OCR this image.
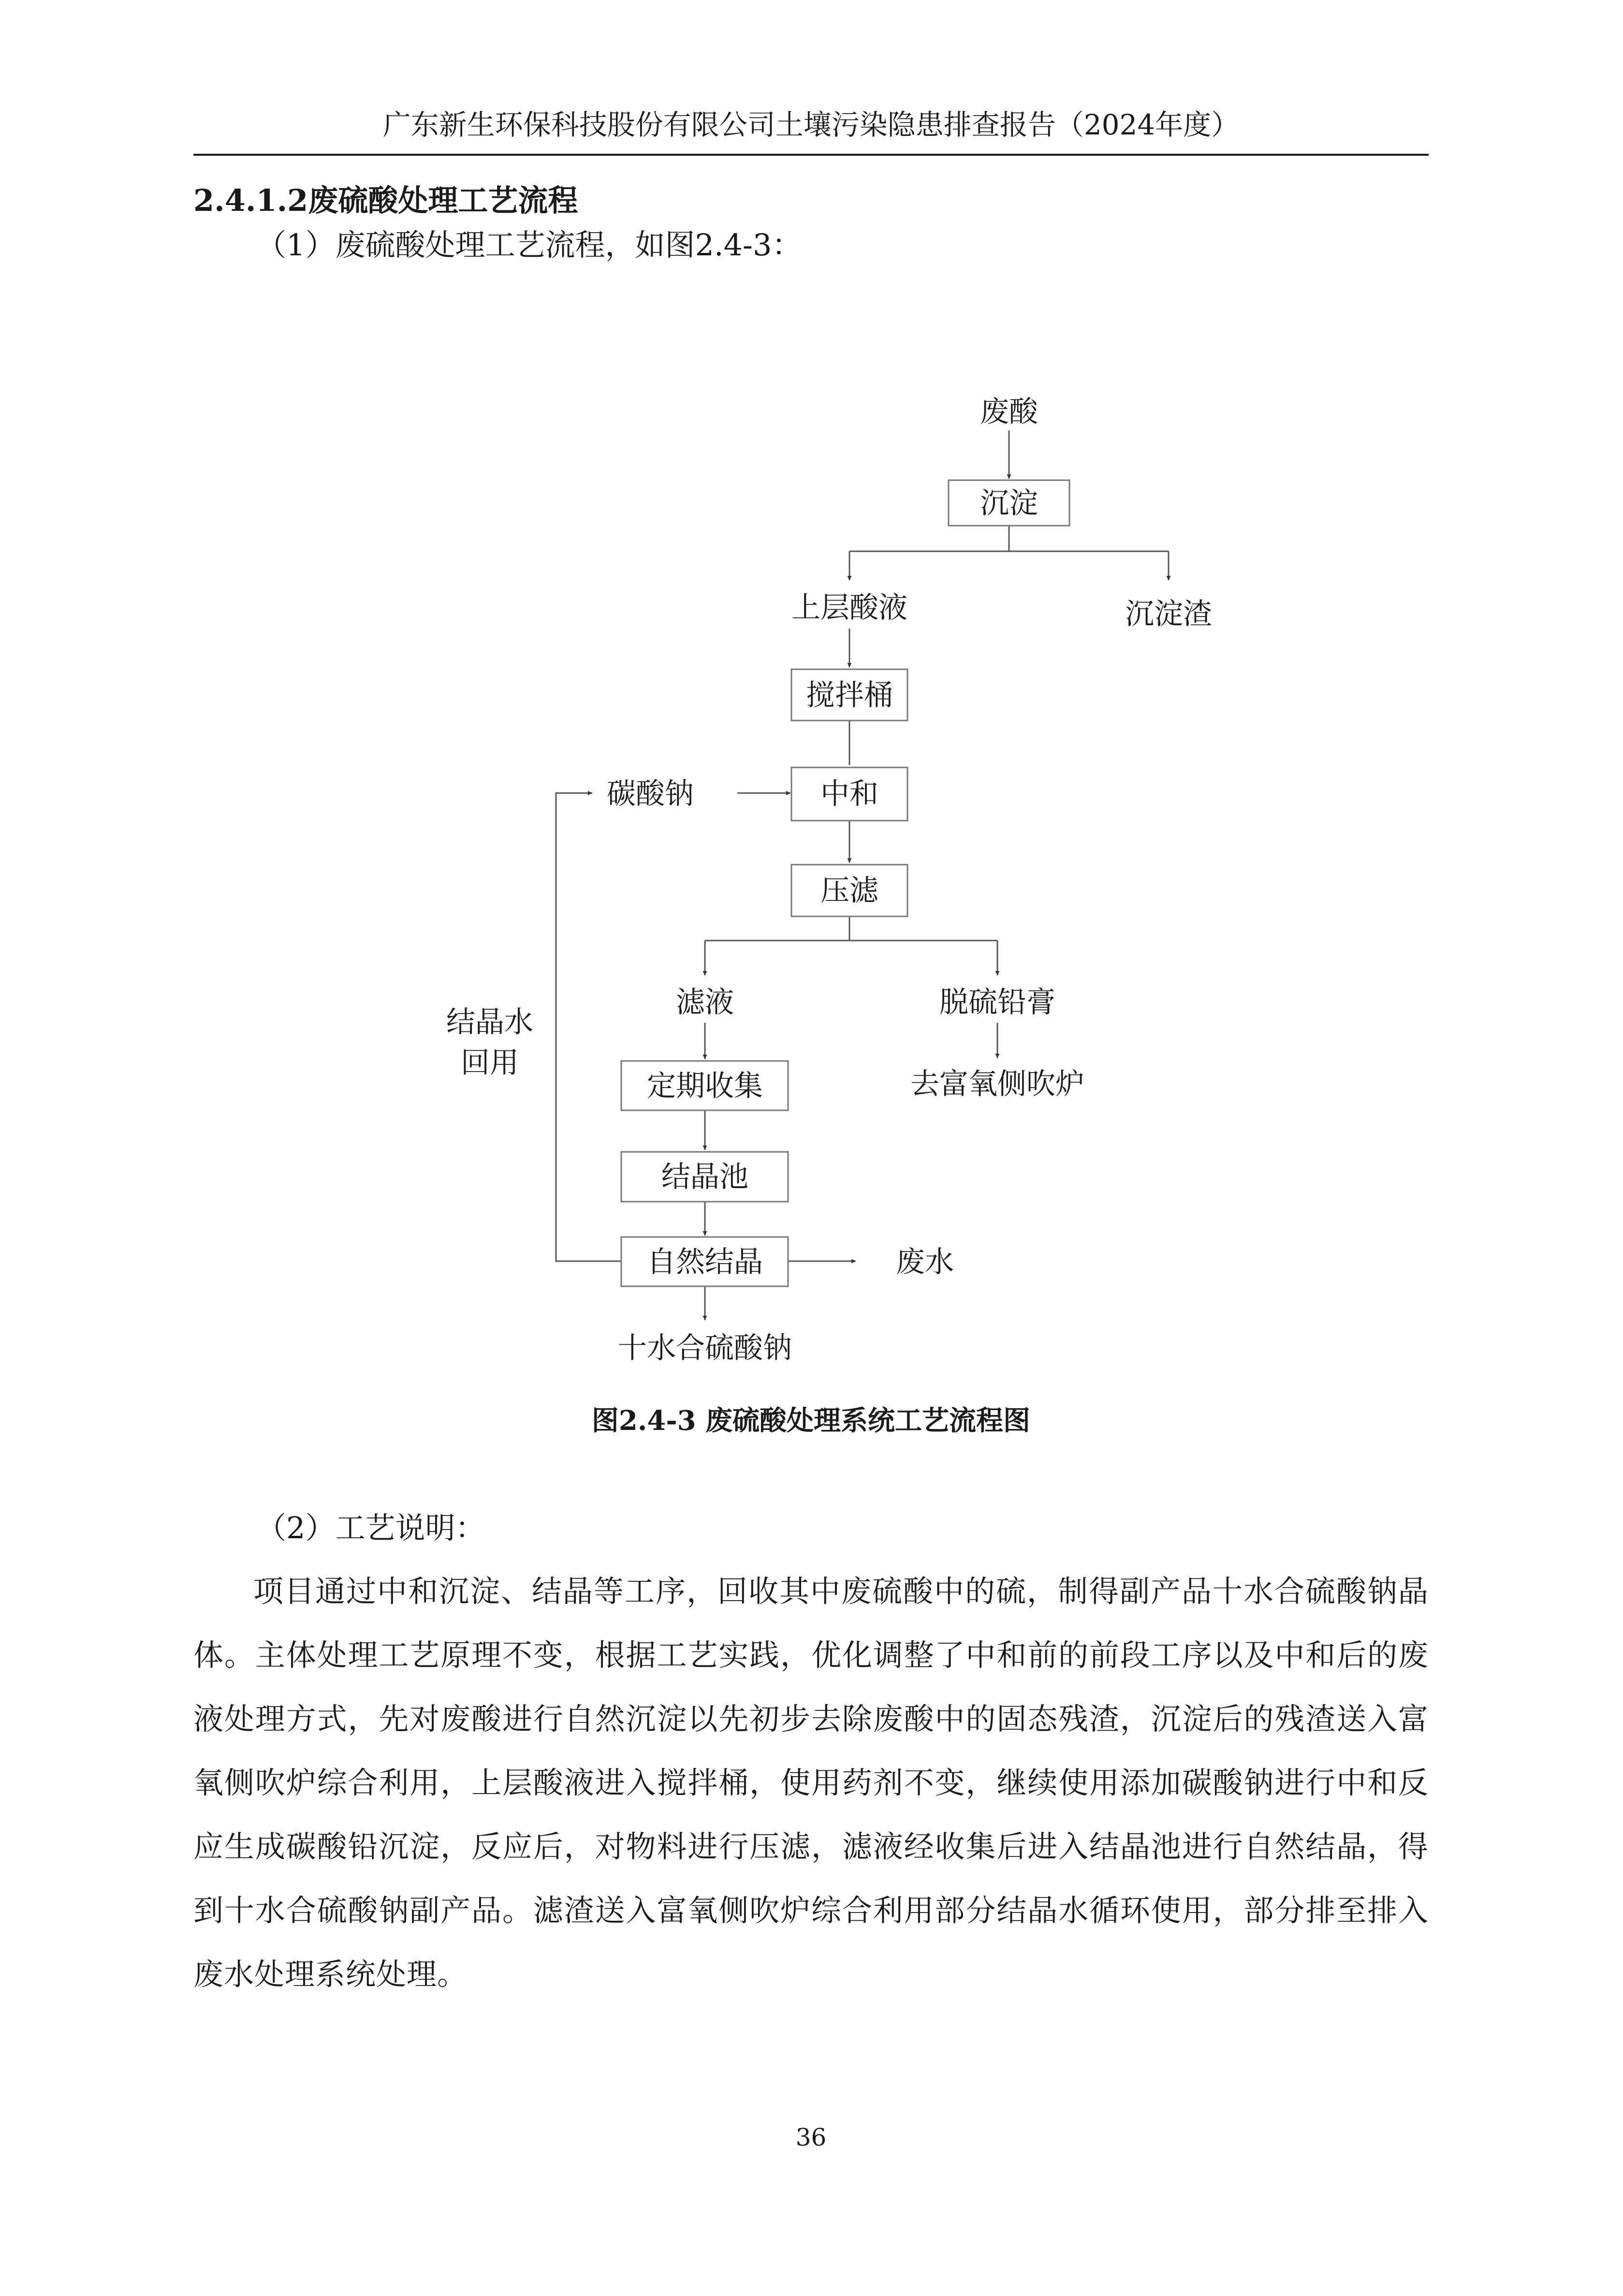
广东新生环保科技股份有限公司土壤污染隐患排查报告（2024年度）
2.4.1.2废硫酸处理工艺流程
（1）废硫酸处理工艺流程，如图2.4-3：
废酸
沉淀
上层酸液	沉淀渣
搅拌桶
碳酸钠	中和
压滤
滤液	脱硫铅膏
去富氧侧吹炉
定期收集
结晶池
自然结晶	废水
十水合硫酸钠
结晶水
回用
图2.4-3 废硫酸处理系统工艺流程图
（2）工艺说明：
项目通过中和沉淀、结晶等工序，回收其中废硫酸中的硫，制得副产品十水合硫酸钠晶体。主体处理工艺原理不变，根据工艺实践，优化调整了中和前的前段工序以及中和后的废液处理方式，先对废酸进行自然沉淀以先初步去除废酸中的固态残渣，沉淀后的残渣送入富氧侧吹炉综合利用，上层酸液进入搅拌桶，使用药剂不变，继续使用添加碳酸钠进行中和反应生成碳酸铅沉淀，反应后，对物料进行压滤，滤液经收集后进入结晶池进行自然结晶，得到十水合硫酸钠副产品。滤渣送入富氧侧吹炉综合利用部分结晶水循环使用，部分排至排入废水处理系统处理。
36
